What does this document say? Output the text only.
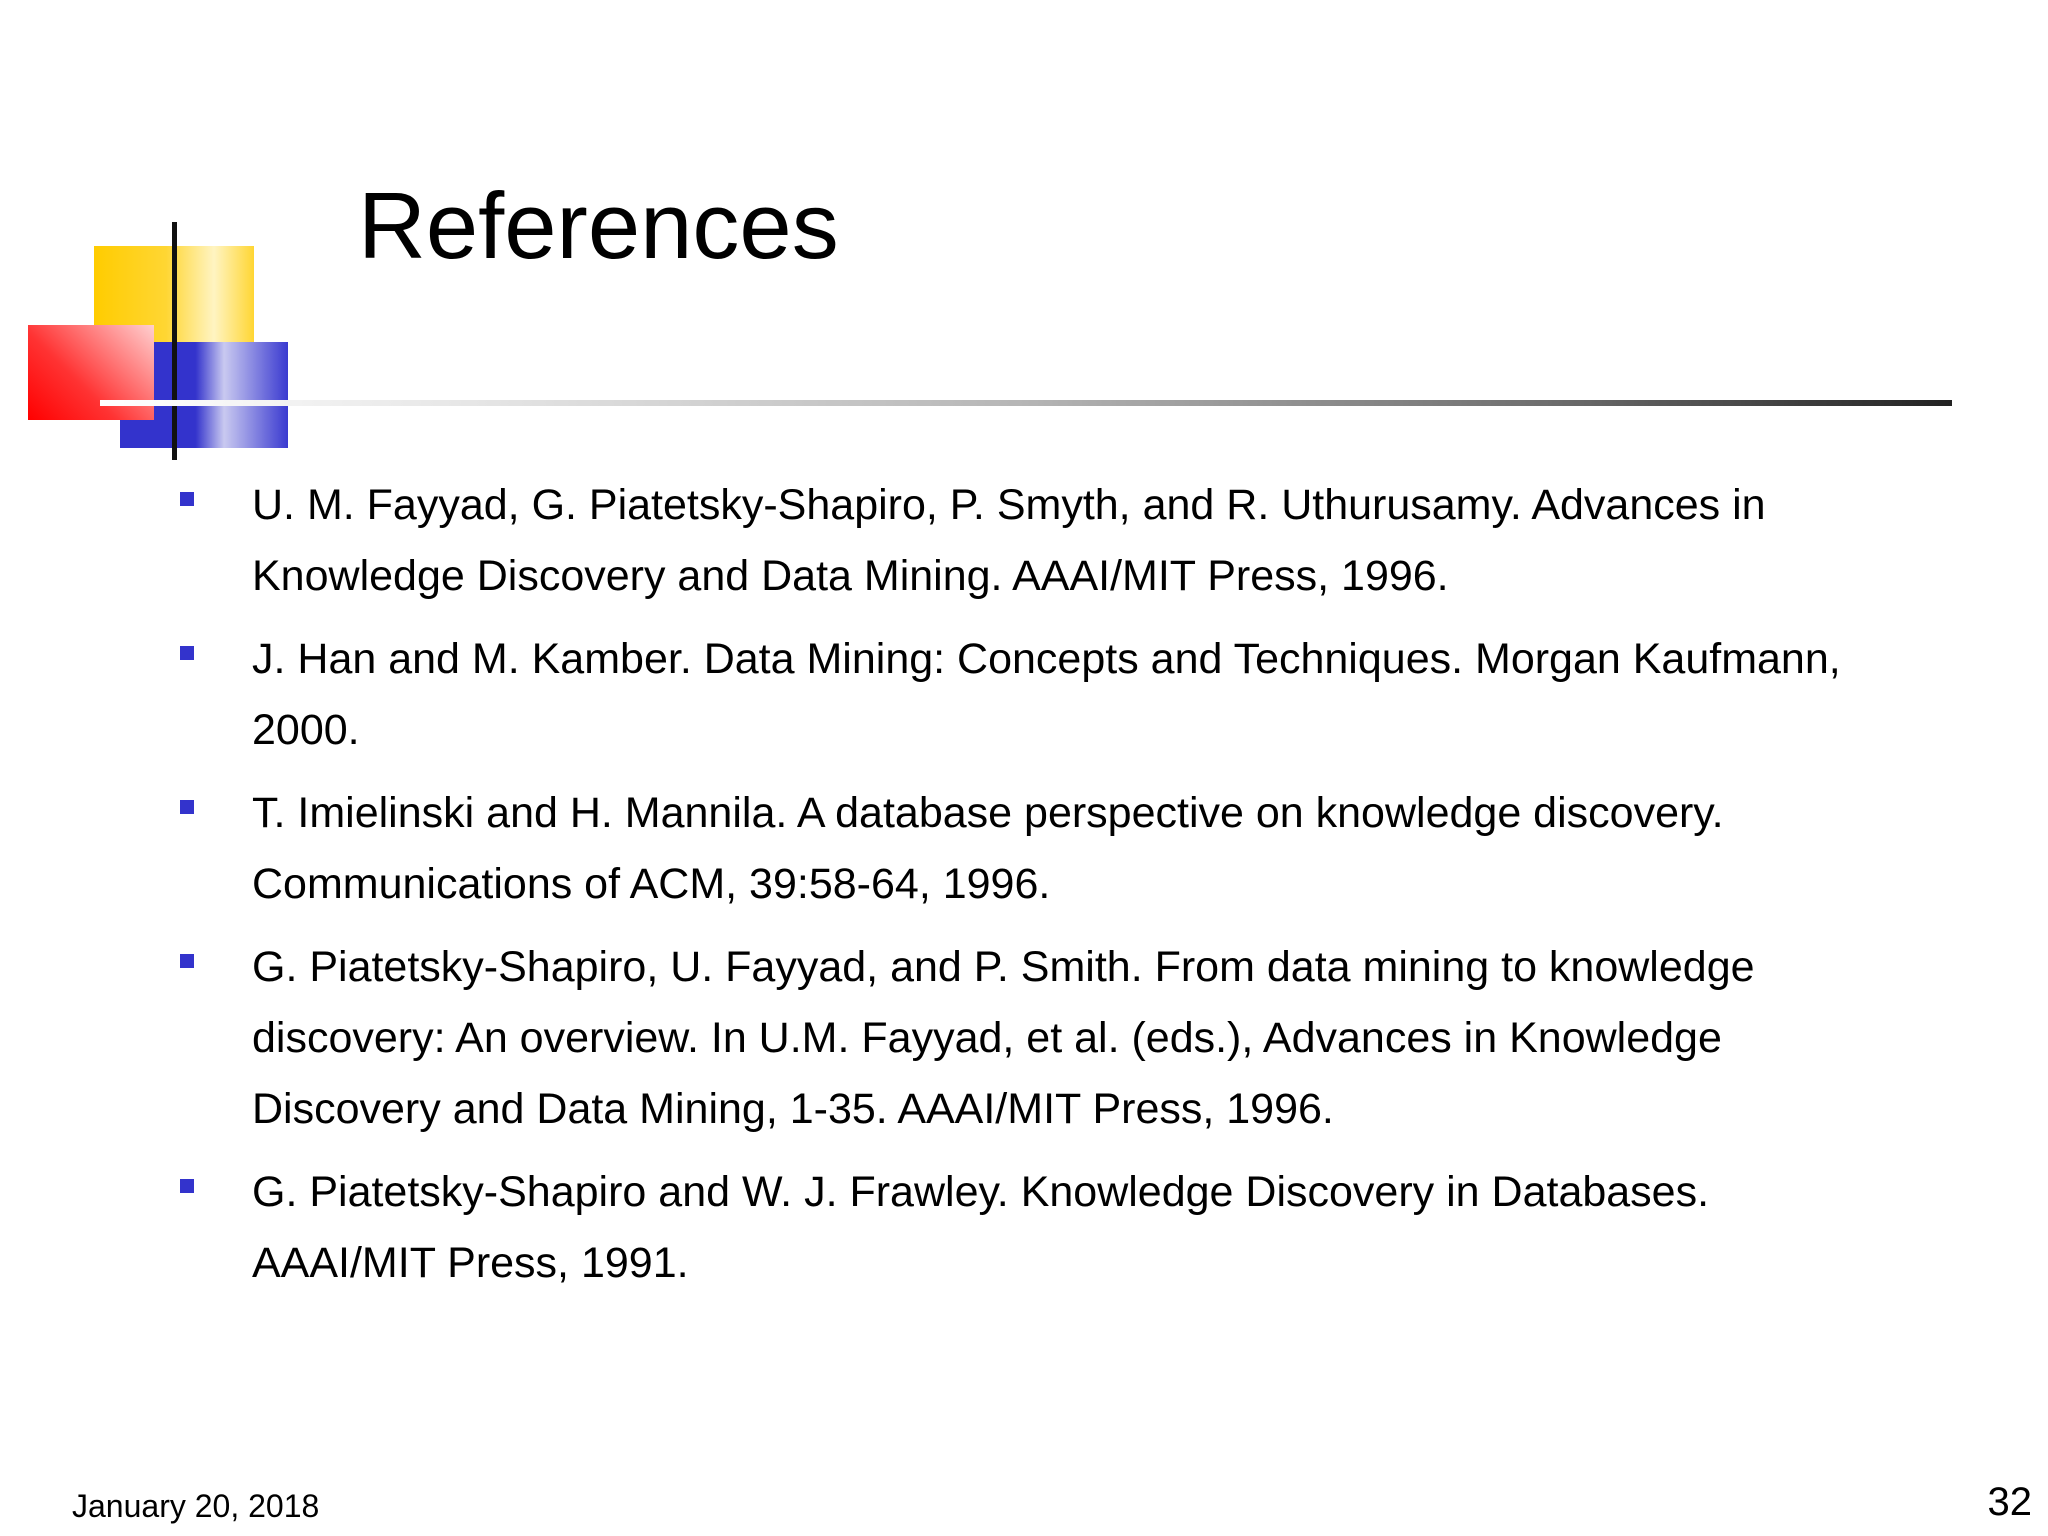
References
U. M. Fayyad, G. Piatetsky-Shapiro, P. Smyth, and R. Uthurusamy. Advances in Knowledge Discovery and Data Mining. AAAI/MIT Press, 1996.
J. Han and M. Kamber. Data Mining: Concepts and Techniques. Morgan Kaufmann, 2000.
T. Imielinski and H. Mannila. A database perspective on knowledge discovery. Communications of ACM, 39:58-64, 1996.
G. Piatetsky-Shapiro, U. Fayyad, and P. Smith. From data mining to knowledge discovery: An overview. In U.M. Fayyad, et al. (eds.), Advances in Knowledge Discovery and Data Mining, 1-35. AAAI/MIT Press, 1996.
G. Piatetsky-Shapiro and W. J. Frawley. Knowledge Discovery in Databases. AAAI/MIT Press, 1991.
January 20, 2018	32
